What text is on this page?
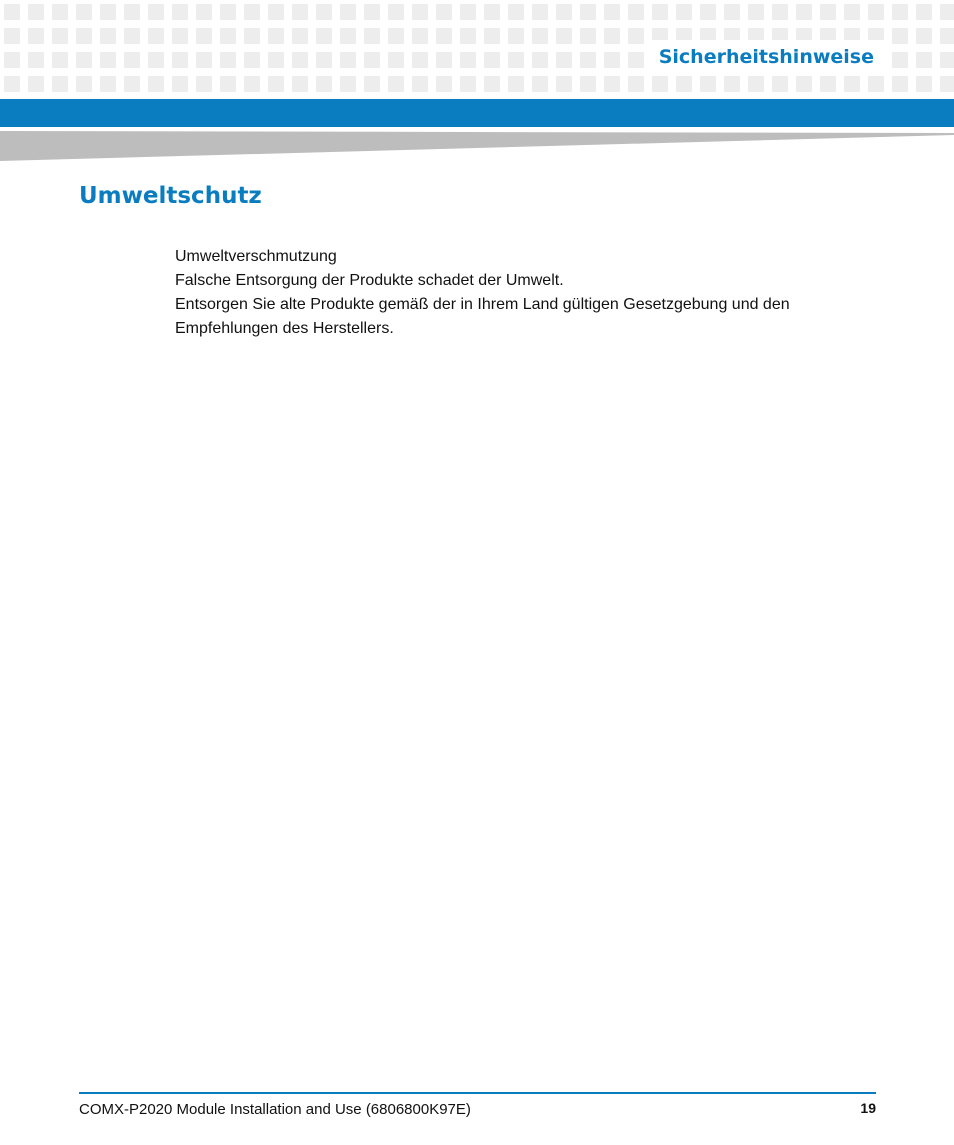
Sicherheitshinweise
Umweltschutz

Umweltverschmutzung

Falsche Entsorgung der Produkte schadet der Umwelt.

Entsorgen Sie alte Produkte gemäß der in Ihrem Land gültigen Gesetzgebung und den Empfehlungen des Herstellers.

COMX-P2020 Module Installation and Use (6806800K97E)	19
